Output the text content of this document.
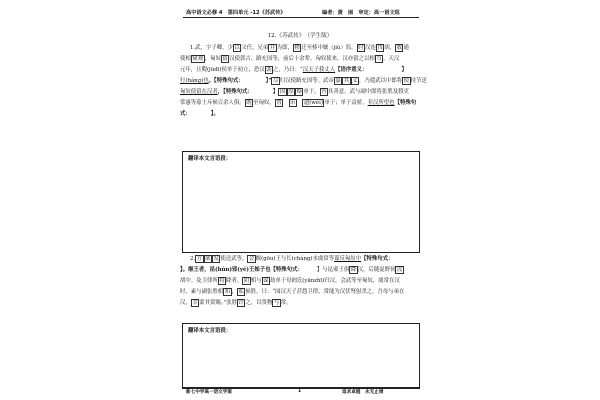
高中语文必修 4　第四单元 -12《苏武传》	编者：黄　丽　审定：高一语文组
12.《苏武传》　（学生版）
1.武，字子卿，少 以 父任，兄弟 并 为郎， 稍 迁至栘中厩（jiù）监。 时 汉连 伐 胡， 数 通
使相 窥观 ，匈奴 留 汉使郭吉、路充国等，前后十余辈。匈奴使来，汉亦留之以相 当 。天汉
元年，且鞮(jūdī)侯单于初立，恐汉 袭 之，乃曰：“汉天子我丈人【语序意义：	】
行(háng)也。【特殊句式：	】” 尽 归汉使路充国等。武帝 嘉 其 义 ，乃遣武以中郎将 使 持节送
匈奴使留在汉者，【特殊句式：	】 因 厚 赂 单于， 答 其善意。武与副中郎将张胜及假吏
常惠等募士斥候百余人俱。 既 至匈奴， 置　 币　 遗(wèi) 单于；单于益骄，非汉所望也【特殊句
式：	】。
翻译本文言语段：
2. 方 欲 发 使送武等， 会 缑(gōu)王与长(cháng)水虞常等谋反匈奴中【特殊句式：
】。缑王者，昆(hún)邪(yé)王姊子也【特殊句式：	】与昆邪王俱 降 汉，后随浞野侯 没
胡中。及卫律所 将 降者， 阴 相与 谋 劫单于母阏氏(yānzhī)归汉。会武等至匈奴，虞常在汉
时，素与副张胜相 知 ， 私 候胜，曰：“闻汉天子甚怨卫律，常能为汉伏弩射杀之。吾母与弟在
汉， 幸 蒙其赏赐。”张胜 许 之，以货物 与 常。
翻译本文言语段：
新七中学高一语文学案	1	追求卓越　永无止境
